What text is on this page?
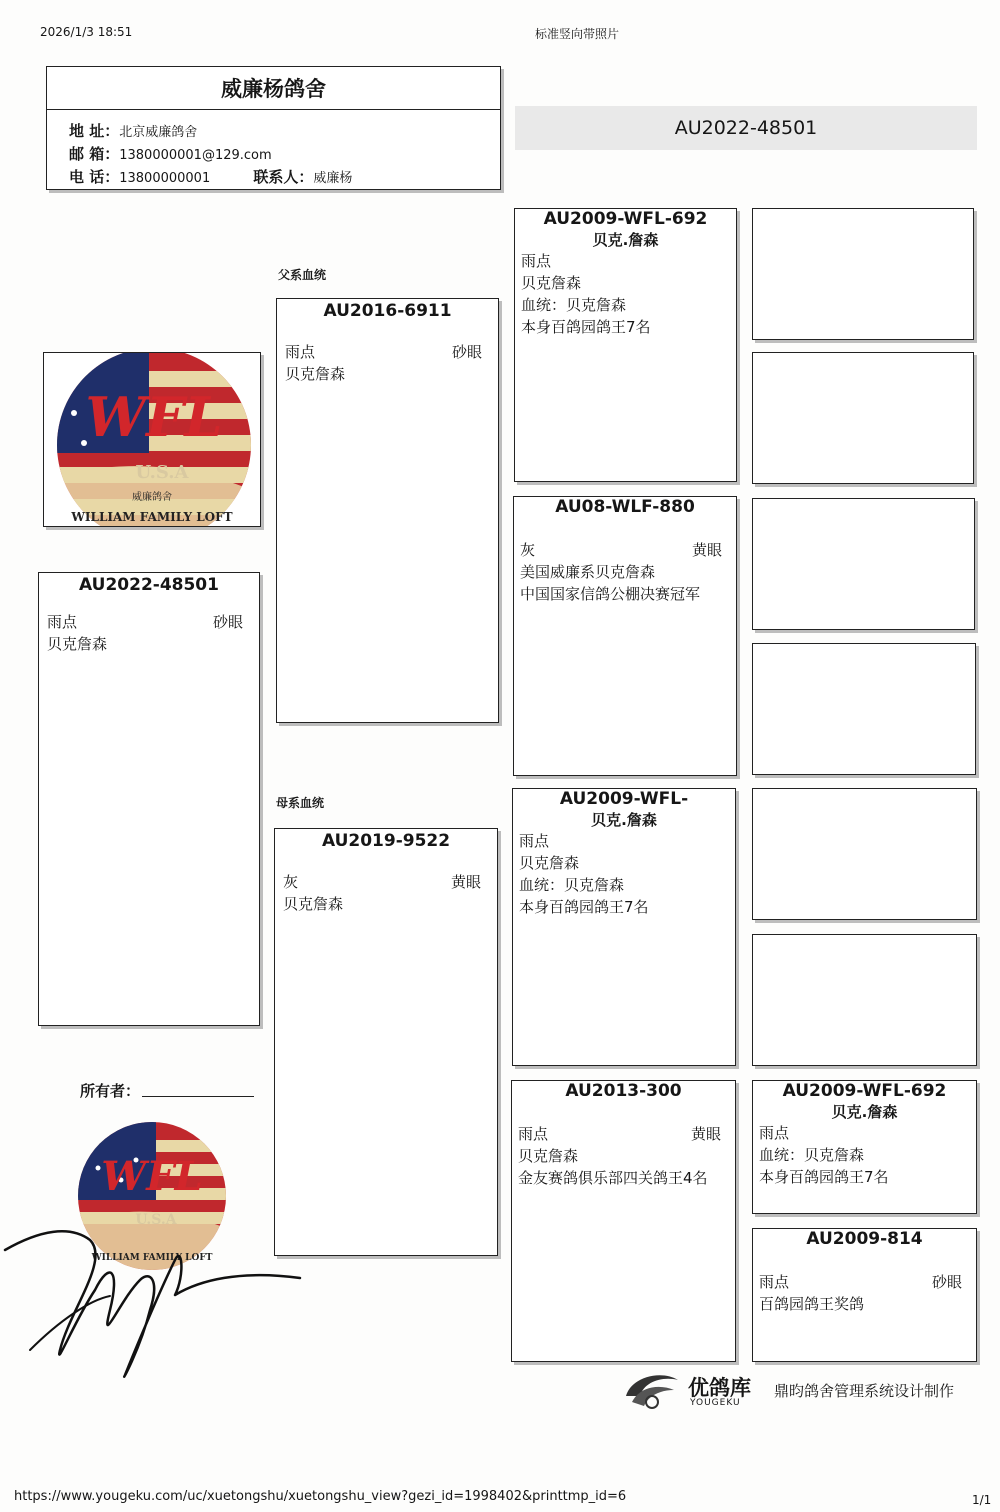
2026/1/3 18:51	标准竖向带照片
威廉杨鸽舍
地 址：北京威廉鸽舍
邮 箱：1380000001@129.com
电 话：13800000001	联系人：威廉杨
AU2022-48501
父系血统
母系血统
WFL
U.S.A
威廉鸽舍
WILLIAM FAMILY LOFT
AU2022-48501
雨点	砂眼
贝克詹森
所有者：
WFL
U.S.A
WILLIAM FAMILY LOFT
AU2016-6911
雨点	砂眼
贝克詹森
AU2019-9522
灰	黄眼
贝克詹森
AU2009-WFL-692
贝克.詹森
雨点
贝克詹森
血统：贝克詹森
本身百鸽园鸽王7名
AU08-WLF-880
灰	黄眼
美国威廉系贝克詹森
中国国家信鸽公棚决赛冠军
AU2009-WFL-
贝克.詹森
雨点
贝克詹森
血统：贝克詹森
本身百鸽园鸽王7名
AU2013-300
雨点	黄眼
贝克詹森
金友赛鸽俱乐部四关鸽王4名
AU2009-WFL-692
贝克.詹森
雨点
血统：贝克詹森
本身百鸽园鸽王7名
AU2009-814
雨点	砂眼
百鸽园鸽王奖鸽
优鸽库
YOUGEKU
鼎昀鸽舍管理系统设计制作
https://www.yougeku.com/uc/xuetongshu/xuetongshu_view?gezi_id=1998402&printtmp_id=6	1/1
